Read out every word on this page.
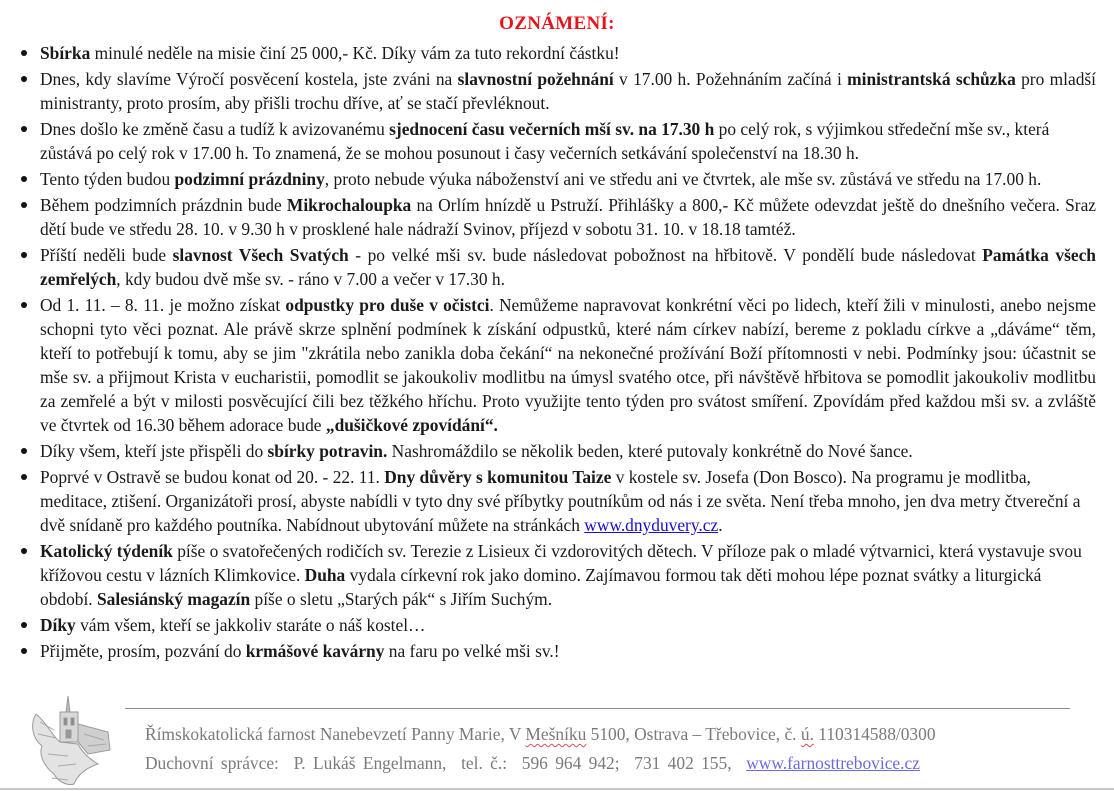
OZNÁMENÍ:
Sbírka minulé neděle na misie činí 25 000,- Kč. Díky vám za tuto rekordní částku!
Dnes, kdy slavíme Výročí posvěcení kostela, jste zváni na slavnostní požehnání v 17.00 h. Požehnáním začíná i ministrantská schůzka pro mladší ministranty, proto prosím, aby přišli trochu dříve, ať se stačí převléknout.
Dnes došlo ke změně času a tudíž k avizovanému sjednocení času večerních mší sv. na 17.30 h po celý rok, s výjimkou středeční mše sv., která zůstává po celý rok v 17.00 h. To znamená, že se mohou posunout i časy večerních setkávání společenství na 18.30 h.
Tento týden budou podzimní prázdniny, proto nebude výuka náboženství ani ve středu ani ve čtvrtek, ale mše sv. zůstává ve středu na 17.00 h.
Během podzimních prázdnin bude Mikrochaloupka na Orlím hnízdě u Pstruží. Přihlášky a 800,- Kč můžete odevzdat ještě do dnešního večera. Sraz dětí bude ve středu 28. 10. v 9.30 h v prosklené hale nádraží Svinov, příjezd v sobotu 31. 10. v 18.18 tamtéž.
Příští neděli bude slavnost Všech Svatých - po velké mši sv. bude následovat pobožnost na hřbitově. V pondělí bude následovat Památka všech zemřelých, kdy budou dvě mše sv. - ráno v 7.00 a večer v 17.30 h.
Od 1. 11. – 8. 11. je možno získat odpustky pro duše v očistci. Nemůžeme napravovat konkrétní věci po lidech, kteří žili v minulosti, anebo nejsme schopni tyto věci poznat. Ale právě skrze splnění podmínek k získání odpustků, které nám církev nabízí, bereme z pokladu církve a „dáváme“ těm, kteří to potřebují k tomu, aby se jim "zkrátila nebo zanikla doba čekání“ na nekonečné prožívání Boží přítomnosti v nebi. Podmínky jsou: účastnit se mše sv. a přijmout Krista v eucharistii, pomodlit se jakoukoliv modlitbu na úmysl svatého otce, při návštěvě hřbitova se pomodlit jakoukoliv modlitbu za zemřelé a být v milosti posvěcující čili bez těžkého hříchu. Proto využijte tento týden pro svátost smíření. Zpovídám před každou mši sv. a zvláště ve čtvrtek od 16.30 během adorace bude „dušičkové zpovídání“.
Díky všem, kteří jste přispěli do sbírky potravin. Nashromáždilo se několik beden, které putovaly konkrétně do Nové šance.
Poprvé v Ostravě se budou konat od 20. - 22. 11. Dny důvěry s komunitou Taize v kostele sv. Josefa (Don Bosco). Na programu je modlitba, meditace, ztišení. Organizátoři prosí, abyste nabídli v tyto dny své příbytky poutníkům od nás i ze světa. Není třeba mnoho, jen dva metry čtvereční a dvě snídaně pro každého poutníka. Nabídnout ubytování můžete na stránkách www.dnyduvery.cz.
Katolický týdeník píše o svatořečených rodičích sv. Terezie z Lisieux či vzdorovitých dětech. V příloze pak o mladé výtvarnici, která vystavuje svou křížovou cestu v lázních Klimkovice. Duha vydala církevní rok jako domino. Zajímavou formou tak děti mohou lépe poznat svátky a liturgická období. Salesiánský magazín píše o sletu „Starých pák“ s Jiřím Suchým.
Díky vám všem, kteří se jakkoliv staráte o náš kostel…
Přijměte, prosím, pozvání do krmášové kavárny na faru po velké mši sv.!
Římskokatolická farnost Nanebevzetí Panny Marie, V Mešníku 5100, Ostrava – Třebovice, č. ú. 110314588/0300
Duchovní správce:  P. Lukáš Engelmann,  tel. č.:  596 964 942;  731 402 155,  www.farnosttrebovice.cz
